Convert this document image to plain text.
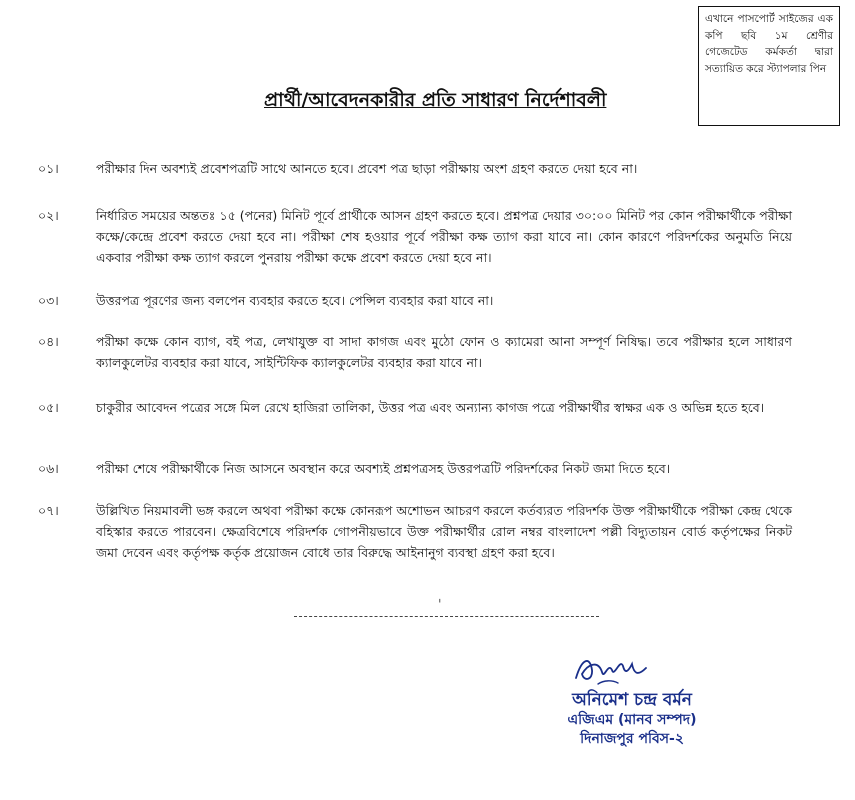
এখানে পাসপোর্ট সাইজের এক কপি ছবি ১ম শ্রেণীর গেজেটেড কর্মকর্তা দ্বারা সত্যায়িত করে স্ট্যাপলার পিন
প্রার্থী/আবেদনকারীর প্রতি সাধারণ নির্দেশাবলী
০১।	পরীক্ষার দিন অবশ্যই প্রবেশপত্রটি সাথে আনতে হবে। প্রবেশ পত্র ছাড়া পরীক্ষায় অংশ গ্রহণ করতে দেয়া হবে না।
০২।	নির্ধারিত সময়ের অন্ততঃ ১৫ (পনের) মিনিট পূর্বে প্রার্থীকে আসন গ্রহণ করতে হবে। প্রশ্নপত্র দেয়ার ৩০:০০ মিনিট পর কোন পরীক্ষার্থীকে পরীক্ষা কক্ষে/কেন্দ্রে প্রবেশ করতে দেয়া হবে না। পরীক্ষা শেষ হওয়ার পূর্বে পরীক্ষা কক্ষ ত্যাগ করা যাবে না। কোন কারণে পরিদর্শকের অনুমতি নিয়ে একবার পরীক্ষা কক্ষ ত্যাগ করলে পুনরায় পরীক্ষা কক্ষে প্রবেশ করতে দেয়া হবে না।
০৩।	উত্তরপত্র পূরণের জন্য বলপেন ব্যবহার করতে হবে। পেন্সিল ব্যবহার করা যাবে না।
০৪।	পরীক্ষা কক্ষে কোন ব্যাগ, বই পত্র, লেখাযুক্ত বা সাদা কাগজ এবং মুঠো ফোন ও ক্যামেরা আনা সম্পূর্ণ নিষিদ্ধ। তবে পরীক্ষার হলে সাধারণ ক্যালকুলেটর ব্যবহার করা যাবে, সাইন্টিফিক ক্যালকুলেটর ব্যবহার করা যাবে না।
০৫।	চাকুরীর আবেদন পত্রের সঙ্গে মিল রেখে হাজিরা তালিকা, উত্তর পত্র এবং অন্যান্য কাগজ পত্রে পরীক্ষার্থীর স্বাক্ষর এক ও অভিন্ন হতে হবে।
০৬।	পরীক্ষা শেষে পরীক্ষার্থীকে নিজ আসনে অবস্থান করে অবশ্যই প্রশ্নপত্রসহ উত্তরপত্রটি পরিদর্শকের নিকট জমা দিতে হবে।
০৭।	উল্লিখিত নিয়মাবলী ভঙ্গ করলে অথবা পরীক্ষা কক্ষে কোনরূপ অশোভন আচরণ করলে কর্তব্যরত পরিদর্শক উক্ত পরীক্ষার্থীকে পরীক্ষা কেন্দ্র থেকে বহিস্কার করতে পারবেন। ক্ষেত্রবিশেষে পরিদর্শক গোপনীয়ভাবে উক্ত পরীক্ষার্থীর রোল নম্বর বাংলাদেশ পল্লী বিদ্যুতায়ন বোর্ড কর্তৃপক্ষের নিকট জমা দেবেন এবং কর্তৃপক্ষ কর্তৃক প্রয়োজন বোধে তার বিরুদ্ধে আইনানুগ ব্যবস্থা গ্রহণ করা হবে।
ˈ
অনিমেশ চন্দ্র বর্মন
এজিএম (মানব সম্পদ)
দিনাজপুর পবিস-২
